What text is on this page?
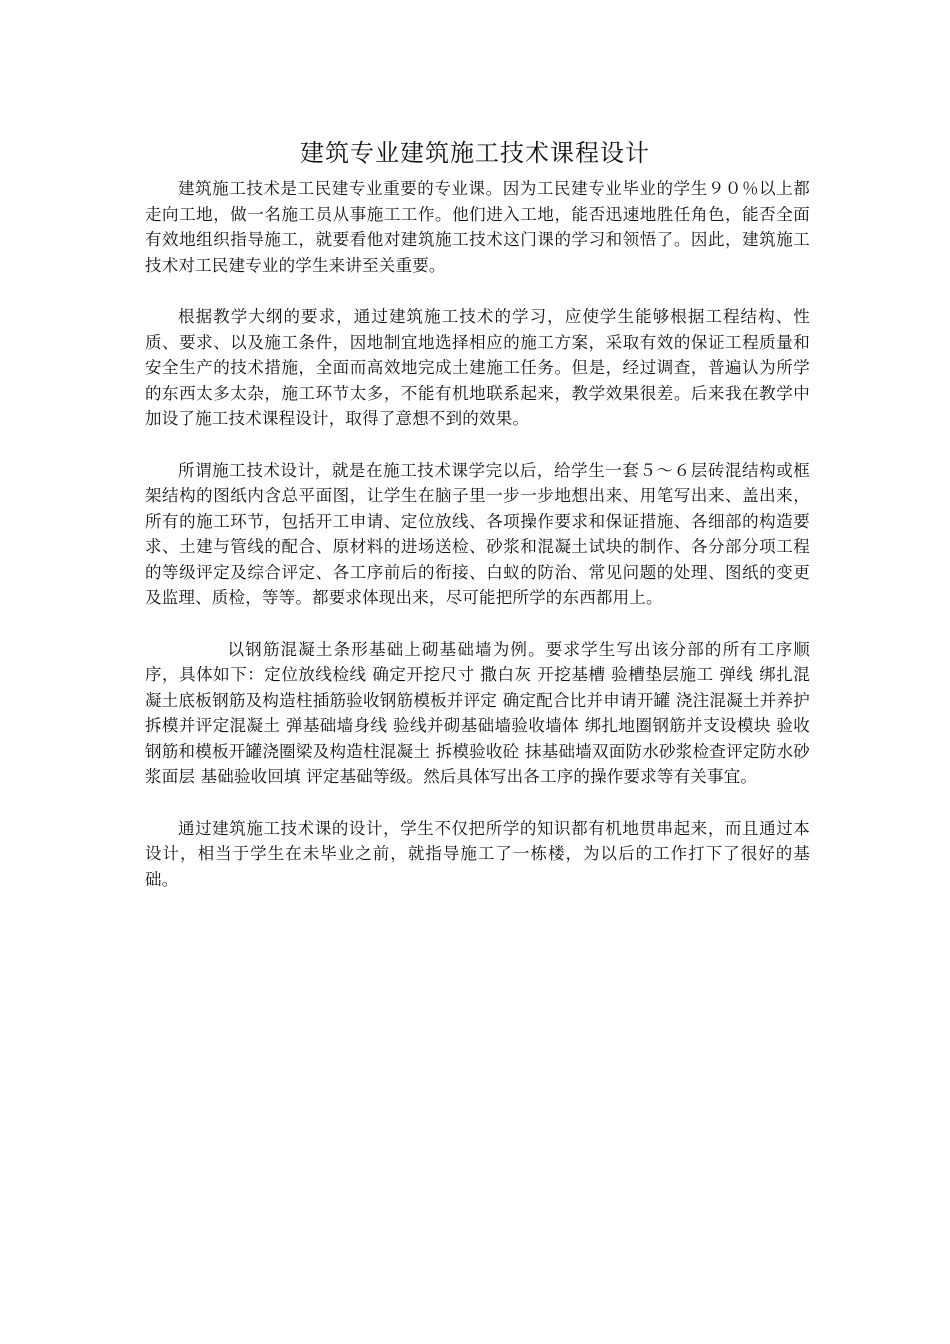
建筑专业建筑施工技术课程设计

建筑施工技术是工民建专业重要的专业课。因为工民建专业毕业的学生９０％以上都走向工地，做一名施工员从事施工工作。他们进入工地，能否迅速地胜任角色，能否全面有效地组织指导施工，就要看他对建筑施工技术这门课的学习和领悟了。因此，建筑施工技术对工民建专业的学生来讲至关重要。

根据教学大纲的要求，通过建筑施工技术的学习，应使学生能够根据工程结构、性质、要求、以及施工条件，因地制宜地选择相应的施工方案，采取有效的保证工程质量和安全生产的技术措施，全面而高效地完成土建施工任务。但是，经过调查，普遍认为所学的东西太多太杂，施工环节太多，不能有机地联系起来，教学效果很差。后来我在教学中加设了施工技术课程设计，取得了意想不到的效果。

所谓施工技术设计，就是在施工技术课学完以后，给学生一套５～６层砖混结构或框架结构的图纸内含总平面图，让学生在脑子里一步一步地想出来、用笔写出来、盖出来，所有的施工环节，包括开工申请、定位放线、各项操作要求和保证措施、各细部的构造要求、土建与管线的配合、原材料的进场送检、砂浆和混凝土试块的制作、各分部分项工程的等级评定及综合评定、各工序前后的衔接、白蚁的防治、常见问题的处理、图纸的变更及监理、质检，等等。都要求体现出来，尽可能把所学的东西都用上。

以钢筋混凝土条形基础上砌基础墙为例。要求学生写出该分部的所有工序顺序，具体如下：定位放线检线 确定开挖尺寸 撒白灰 开挖基槽 验槽垫层施工 弹线 绑扎混凝土底板钢筋及构造柱插筋验收钢筋模板并评定 确定配合比并申请开罐 浇注混凝土并养护拆模并评定混凝土 弹基础墙身线 验线并砌基础墙验收墙体 绑扎地圈钢筋并支设模块 验收钢筋和模板开罐浇圈梁及构造柱混凝土 拆模验收砼 抹基础墙双面防水砂浆检查评定防水砂浆面层 基础验收回填 评定基础等级。然后具体写出各工序的操作要求等有关事宜。

通过建筑施工技术课的设计，学生不仅把所学的知识都有机地贯串起来，而且通过本设计，相当于学生在未毕业之前，就指导施工了一栋楼，为以后的工作打下了很好的基础。
